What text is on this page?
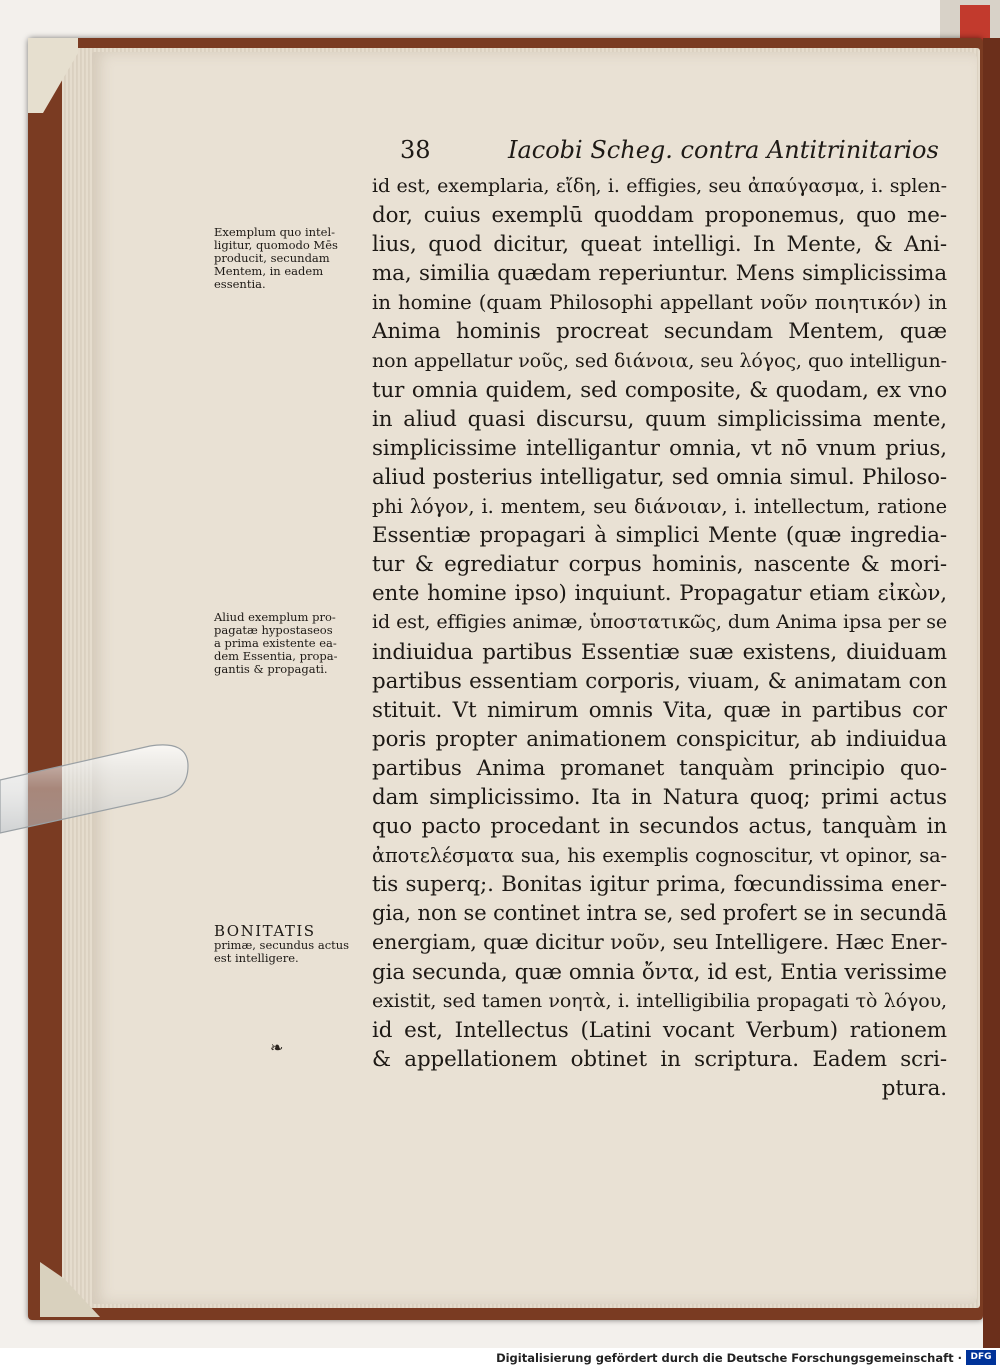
38	Iacobi Scheg. contra Antitrinitarios
Exemplum quo intel-
ligitur, quomodo Mēs
producit, secundam
Mentem, in eadem
essentia.
Aliud exemplum pro-
pagatæ hypostaseos
a prima existente ea-
dem Essentia, propa-
gantis & propagati.
BONITATIS
primæ, secundus actus
est intelligere.
❧
id est, exemplaria, εἴδη, i. effigies, seu ἀπαύγασμα, i. splen-
dor, cuius exemplū quoddam proponemus, quo me-
lius, quod dicitur, queat intelligi. In Mente, & Ani-
ma, similia quædam reperiuntur. Mens simplicissima
in homine (quam Philosophi appellant νοῦν ποιητικόν) in
Anima hominis procreat secundam Mentem, quæ
non appellatur νοῦς, sed διάνοια, seu λόγος, quo intelligun-
tur omnia quidem, sed composite, & quodam, ex vno
in aliud quasi discursu, quum simplicissima mente,
simplicissime intelligantur omnia, vt nō vnum prius,
aliud posterius intelligatur, sed omnia simul. Philoso-
phi λόγον, i. mentem, seu διάνοιαν, i. intellectum, ratione
Essentiæ propagari à simplici Mente (quæ ingredia-
tur & egrediatur corpus hominis, nascente & mori-
ente homine ipso) inquiunt. Propagatur etiam εἰκὼν,
id est, effigies animæ, ὑποστατικῶς, dum Anima ipsa per se
indiuidua partibus Essentiæ suæ existens, diuiduam
partibus essentiam corporis, viuam, & animatam con
stituit. Vt nimirum omnis Vita, quæ in partibus cor
poris propter animationem conspicitur, ab indiuidua
partibus Anima promanet tanquàm principio quo-
dam simplicissimo. Ita in Natura quoq; primi actus
quo pacto procedant in secundos actus, tanquàm in
ἀποτελέσματα sua, his exemplis cognoscitur, vt opinor, sa-
tis superq;. Bonitas igitur prima, fœcundissima ener-
gia, non se continet intra se, sed profert se in secundā
energiam, quæ dicitur νοῦν, seu Intelligere. Hæc Ener-
gia secunda, quæ omnia ὄντα, id est, Entia verissime
existit, sed tamen νοητὰ, i. intelligibilia propagati τὸ λόγου,
id est, Intellectus (Latini vocant Verbum) rationem
& appellationem obtinet in scriptura. Eadem scri-
ptura.
Digitalisierung gefördert durch die Deutsche Forschungsgemeinschaft · DFG
